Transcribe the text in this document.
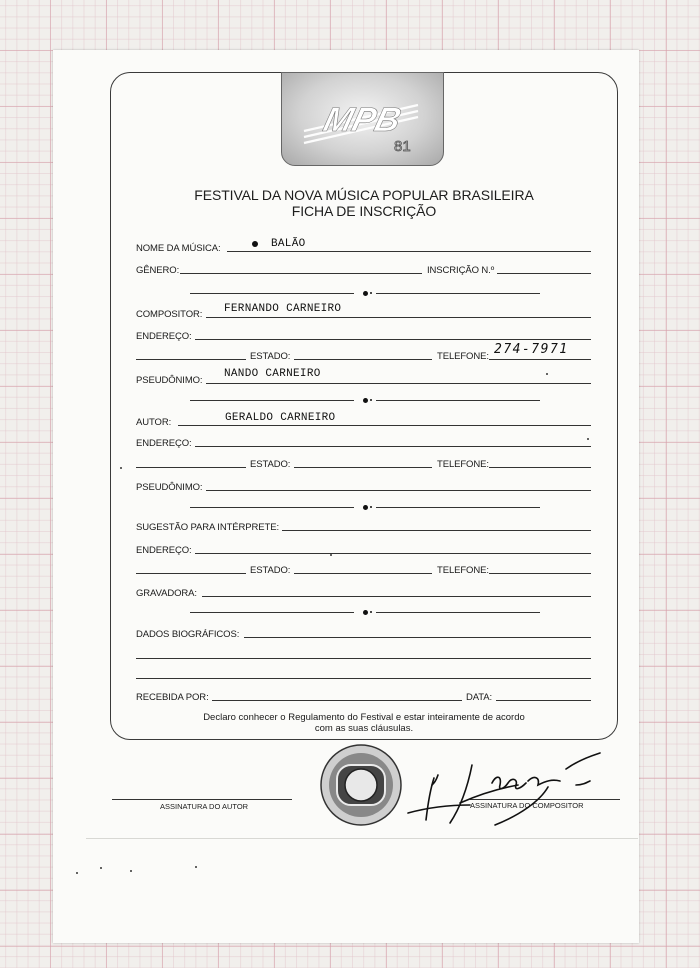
MPB
81

FESTIVAL DA NOVA MÚSICA POPULAR BRASILEIRA

FICHA DE INSCRIÇÃO

NOME DA MÚSICA:	BALÃO
GÊNERO:	INSCRIÇÃO N.º
COMPOSITOR: FERNANDO CARNEIRO
ENDEREÇO:
ESTADO:	TELEFONE: 274-7971
PSEUDÔNIMO:
NANDO CARNEIRO
AUTOR:	GERALDO CARNEIRO
ENDEREÇO:
ESTADO:	TELEFONE:
PSEUDÔNIMO:
SUGESTÃO PARA INTÉRPRETE:
ENDEREÇO:
ESTADO:	TELEFONE:
GRAVADORA:
DADOS BIOGRÁFICOS:
RECEBIDA POR:	DATA:

Declaro conhecer o Regulamento do Festival e estar inteiramente de acordo

com as suas cláusulas.

ASSINATURA DO AUTOR	ASSINATURA DO COMPOSITOR
